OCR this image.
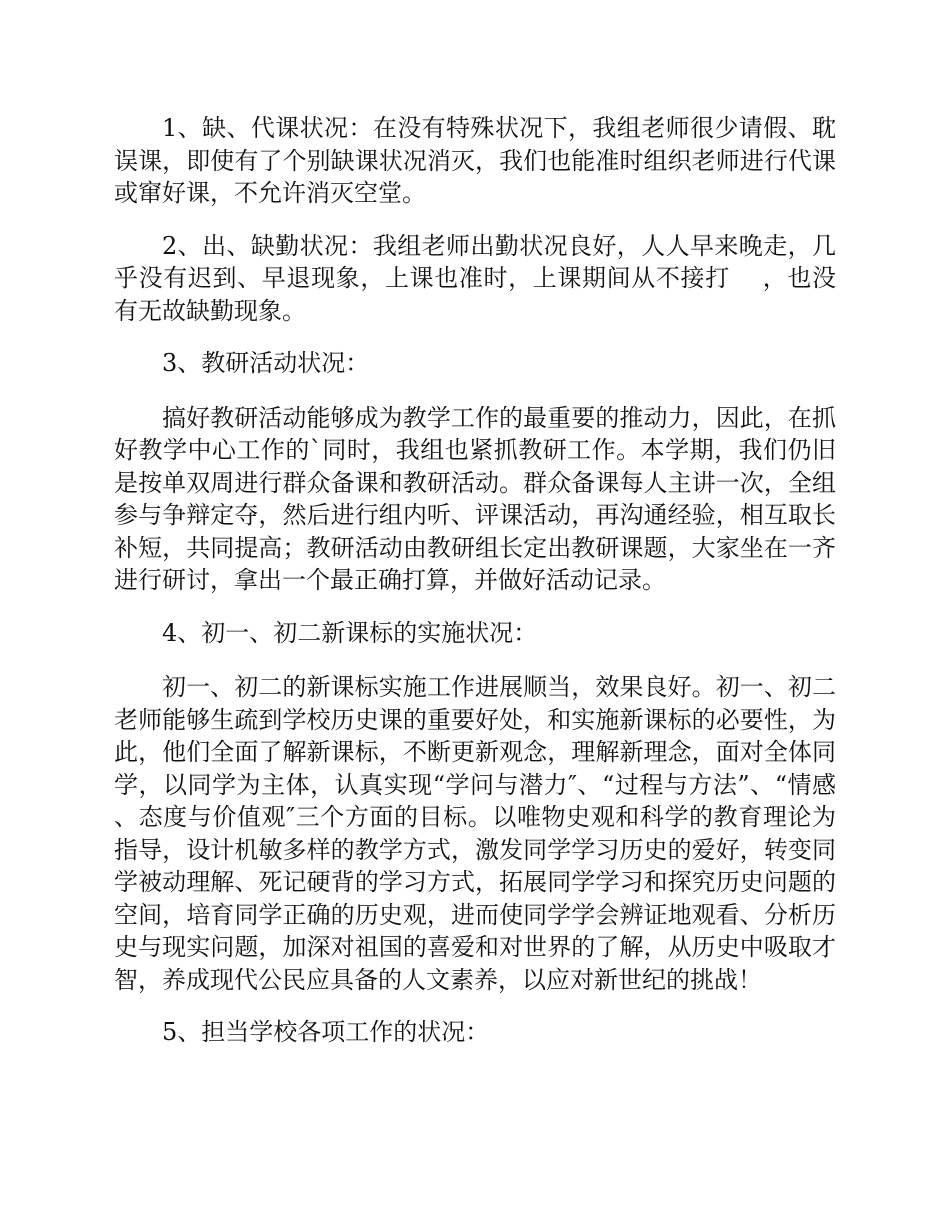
1、缺、代课状况：在没有特殊状况下，我组老师很少请假、耽误课，即使有了个别缺课状况消灭，我们也能准时组织老师进行代课或窜好课，不允许消灭空堂。

2、出、缺勤状况：我组老师出勤状况良好，人人早来晚走，几乎没有迟到、早退现象，上课也准时，上课期间从不接打　 ，也没有无故缺勤现象。

3、教研活动状况：

搞好教研活动能够成为教学工作的最重要的推动力，因此，在抓好教学中心工作的`同时，我组也紧抓教研工作。本学期，我们仍旧是按单双周进行群众备课和教研活动。群众备课每人主讲一次，全组参与争辩定夺，然后进行组内听、评课活动，再沟通经验，相互取长补短，共同提高；教研活动由教研组长定出教研课题，大家坐在一齐进行研讨，拿出一个最正确打算，并做好活动记录。

4、初一、初二新课标的实施状况：

初一、初二的新课标实施工作进展顺当，效果良好。初一、初二老师能够生疏到学校历史课的重要好处，和实施新课标的必要性，为此，他们全面了解新课标，不断更新观念，理解新理念，面对全体同学，以同学为主体，认真实现“学问与潜力″、“过程与方法”、“情感、态度与价值观″三个方面的目标。以唯物史观和科学的教育理论为指导，设计机敏多样的教学方式，激发同学学习历史的爱好，转变同学被动理解、死记硬背的学习方式，拓展同学学习和探究历史问题的空间，培育同学正确的历史观，进而使同学学会辨证地观看、分析历史与现实问题，加深对祖国的喜爱和对世界的了解，从历史中吸取才智，养成现代公民应具备的人文素养，以应对新世纪的挑战！

5、担当学校各项工作的状况：
